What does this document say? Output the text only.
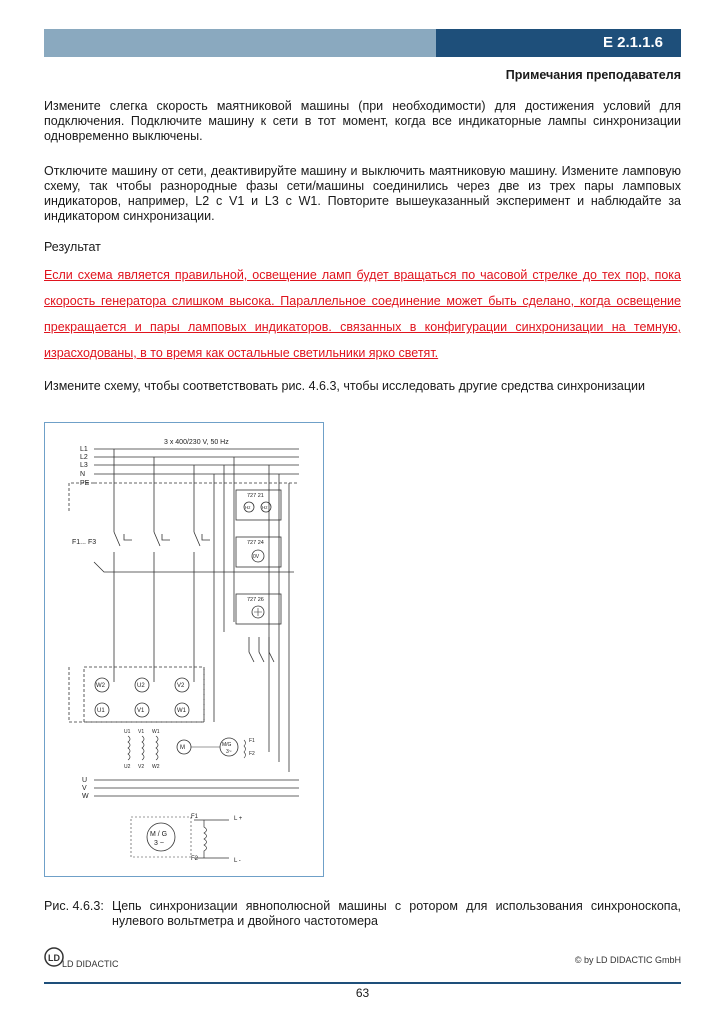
E 2.1.1.6
Примечания преподавателя
Измените слегка скорость маятниковой машины (при необходимости) для достижения условий для подключения. Подключите машину к сети в тот момент, когда все индикаторные лампы синхронизации одновременно выключены.
Отключите машину от сети, деактивируйте машину и выключить маятниковую машину. Измените ламповую схему, так чтобы разнородные фазы сети/машины соединились через две из трех пары ламповых индикаторов, например, L2 с V1 и L3 с W1. Повторите вышеуказанный эксперимент и наблюдайте за индикатором синхронизации.
Результат
Если схема является правильной, освещение ламп будет вращаться по часовой стрелке до тех пор, пока скорость генератора слишком высока. Параллельное соединение может быть сделано, когда освещение прекращается и пары ламповых индикаторов. связанных в конфигурации синхронизации на темную, израсходованы, в то время как остальные светильники ярко светят.
Измените схему, чтобы соответствовать рис. 4.6.3, чтобы исследовать другие средства синхронизации
3 x 400/230 V, 50 Hz
L1
L2
L3
N
PE
F1... F3
727 21
Hz	Hz
727 24
0V
727 26
W2	U2	V2
U1	V1	W1
U1 V1 W1
U2 V2 W2
M	M/G
3~
F1
F2
U
V
W
M / G
3 ~
F1
F2
L +
L -
Рис. 4.6.3: Цепь синхронизации явнополюсной машины с ротором для использования синхроноскопа, нулевого вольтметра и двойного частотомера
LD
LD DIDACTIC	© by LD DIDACTIC GmbH
63
